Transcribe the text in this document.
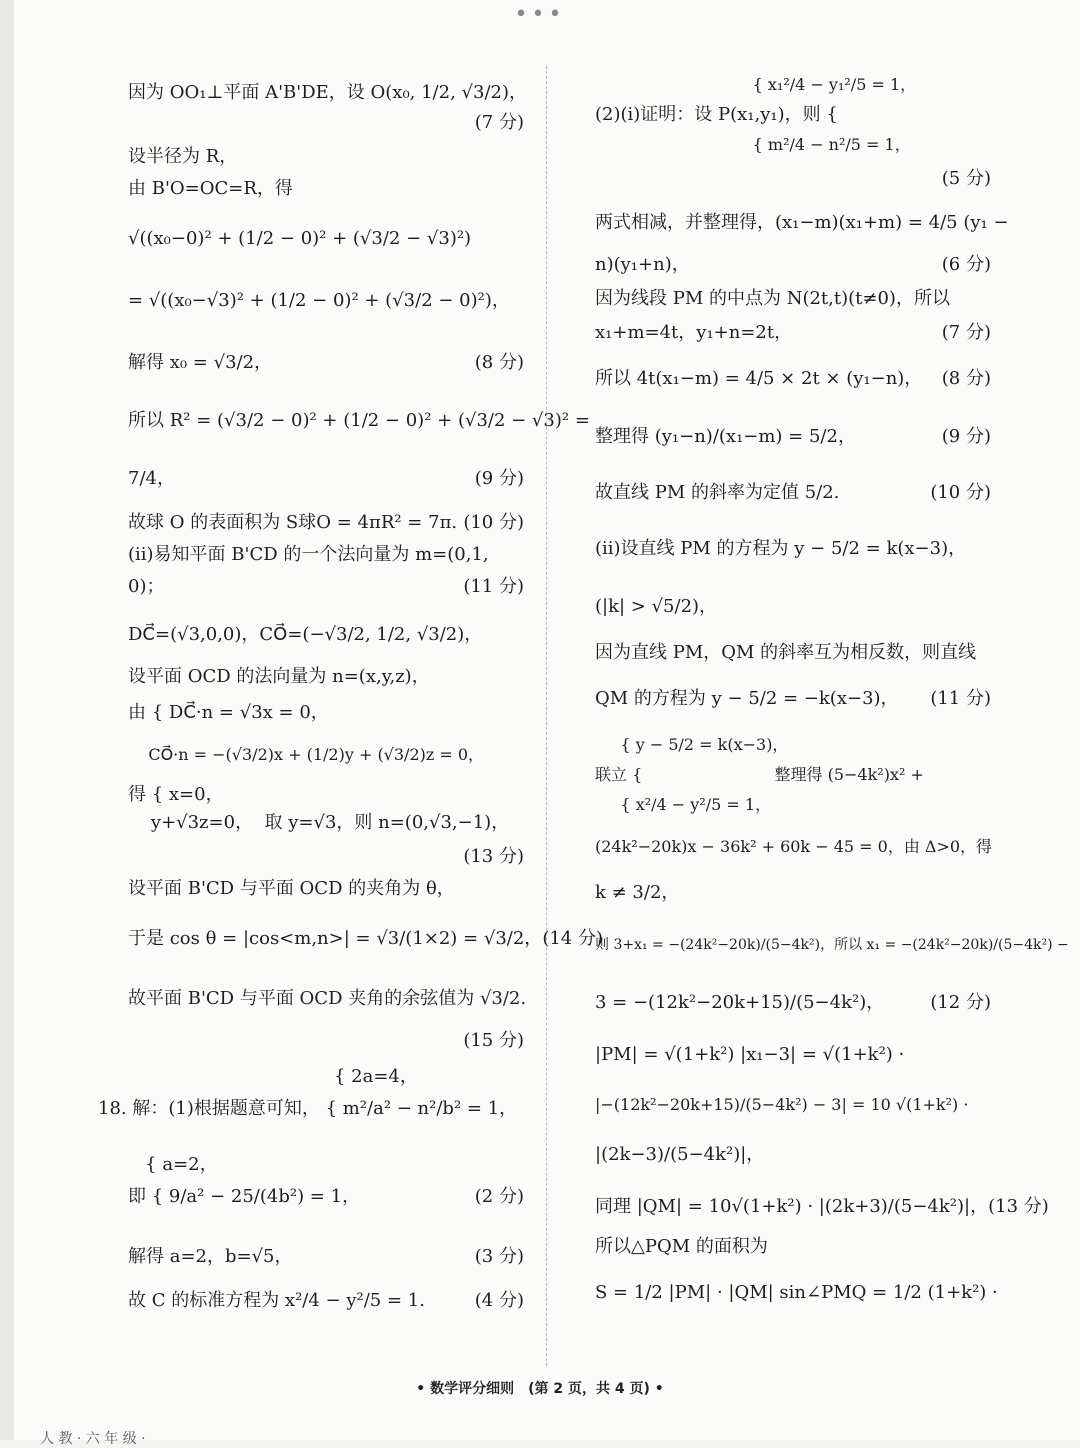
•••
因为 OO₁⊥平面 A'B'DE，设 O(x₀, 1/2, √3/2)，
(7 分)
设半径为 R，
由 B'O=OC=R，得
√((x₀−0)² + (1/2 − 0)² + (√3/2 − √3)²)
= √((x₀−√3)² + (1/2 − 0)² + (√3/2 − 0)²)，
解得 x₀ = √3/2，	(8 分)
所以 R² = (√3/2 − 0)² + (1/2 − 0)² + (√3/2 − √3)² =
7/4，	(9 分)
故球 O 的表面积为 S球O = 4πR² = 7π. (10 分)
(ⅱ)易知平面 B'CD 的一个法向量为 m=(0,1,
0)；	(11 分)
DC⃗=(√3,0,0)，CO⃗=(−√3/2, 1/2, √3/2)，
设平面 OCD 的法向量为 n=(x,y,z)，
由 { DC⃗·n = √3x = 0，
CO⃗·n = −(√3/2)x + (1/2)y + (√3/2)z = 0，
得 { x=0，
y+√3z=0，  取 y=√3，则 n=(0,√3,−1)，
(13 分)
设平面 B'CD 与平面 OCD 的夹角为 θ，
于是 cos θ = |cos<m,n>| = √3/(1×2) = √3/2， (14 分)
故平面 B'CD 与平面 OCD 夹角的余弦值为 √3/2.
(15 分)
{ 2a=4，
18. 解：(1)根据题意可知， { m²/a² − n²/b² = 1，
{ a=2，
即 { 9/a² − 25/(4b²) = 1，	(2 分)
解得 a=2，b=√5，	(3 分)
故 C 的标准方程为 x²/4 − y²/5 = 1.	(4 分)
{ x₁²/4 − y₁²/5 = 1，
(2)(ⅰ)证明：设 P(x₁,y₁)，则 {
{ m²/4 − n²/5 = 1，
(5 分)
两式相减，并整理得，(x₁−m)(x₁+m) = 4/5 (y₁ −
n)(y₁+n)，	(6 分)
因为线段 PM 的中点为 N(2t,t)(t≠0)，所以
x₁+m=4t，y₁+n=2t，	(7 分)
所以 4t(x₁−m) = 4/5 × 2t × (y₁−n)， (8 分)
整理得 (y₁−n)/(x₁−m) = 5/2，	(9 分)
故直线 PM 的斜率为定值 5/2.	(10 分)
(ⅱ)设直线 PM 的方程为 y − 5/2 = k(x−3)，
(|k| > √5/2)，
因为直线 PM，QM 的斜率互为相反数，则直线
QM 的方程为 y − 5/2 = −k(x−3)， (11 分)
{ y − 5/2 = k(x−3)，
联立 {                          整理得 (5−4k²)x² +
{ x²/4 − y²/5 = 1，
(24k²−20k)x − 36k² + 60k − 45 = 0，由 Δ>0，得
k ≠ 3/2，
则 3+x₁ = −(24k²−20k)/(5−4k²)，所以 x₁ = −(24k²−20k)/(5−4k²) −
3 = −(12k²−20k+15)/(5−4k²)，	(12 分)
|PM| = √(1+k²) |x₁−3| = √(1+k²) ·
|−(12k²−20k+15)/(5−4k²) − 3| = 10 √(1+k²) ·
|(2k−3)/(5−4k²)|，
同理 |QM| = 10√(1+k²) · |(2k+3)/(5−4k²)|， (13 分)
所以△PQM 的面积为
S = 1/2 |PM| · |QM| sin∠PMQ = 1/2 (1+k²) ·
• 数学评分细则　(第 2 页，共 4 页) •
人 教 · 六 年 级 ·
